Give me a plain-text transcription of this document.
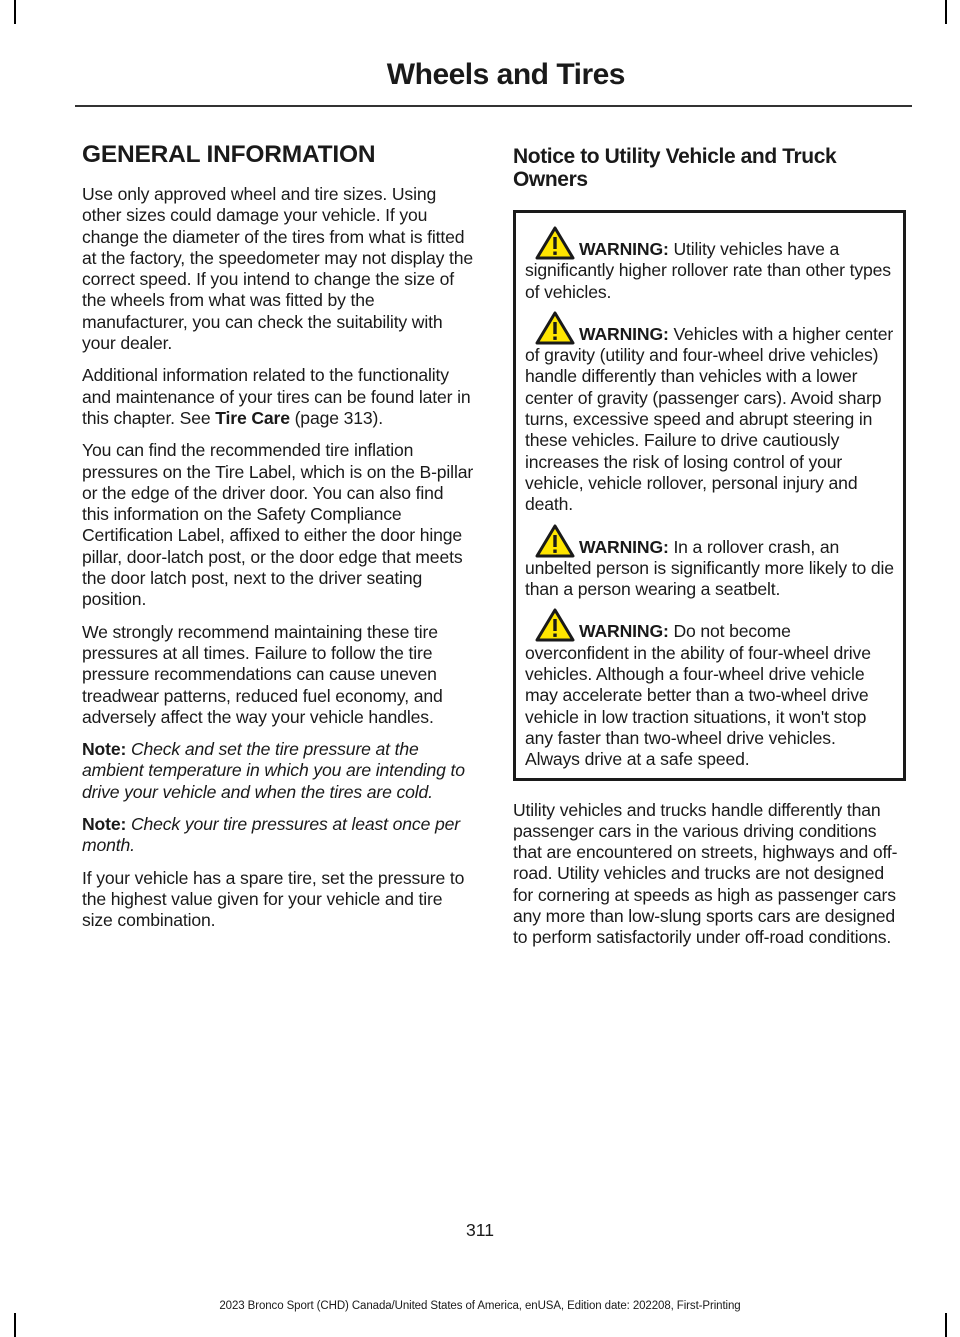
Wheels and Tires
GENERAL INFORMATION

Use only approved wheel and tire sizes. Using other sizes could damage your vehicle. If you change the diameter of the tires from what is fitted at the factory, the speedometer may not display the correct speed. If you intend to change the size of the wheels from what was fitted by the manufacturer, you can check the suitability with your dealer.

Additional information related to the functionality and maintenance of your tires can be found later in this chapter. See Tire Care (page 313).

You can find the recommended tire inflation pressures on the Tire Label, which is on the B-pillar or the edge of the driver door. You can also find this information on the Safety Compliance Certification Label, affixed to either the door hinge pillar, door-latch post, or the door edge that meets the door latch post, next to the driver seating position.

We strongly recommend maintaining these tire pressures at all times. Failure to follow the tire pressure recommendations can cause uneven treadwear patterns, reduced fuel economy, and adversely affect the way your vehicle handles.

Note: Check and set the tire pressure at the ambient temperature in which you are intending to drive your vehicle and when the tires are cold.

Note: Check your tire pressures at least once per month.

If your vehicle has a spare tire, set the pressure to the highest value given for your vehicle and tire size combination.

Notice to Utility Vehicle and Truck Owners

WARNING: Utility vehicles have a significantly higher rollover rate than other types of vehicles.

WARNING: Vehicles with a higher center of gravity (utility and four-wheel drive vehicles) handle differently than vehicles with a lower center of gravity (passenger cars). Avoid sharp turns, excessive speed and abrupt steering in these vehicles. Failure to drive cautiously increases the risk of losing control of your vehicle, vehicle rollover, personal injury and death.

WARNING: In a rollover crash, an unbelted person is significantly more likely to die than a person wearing a seatbelt.

WARNING: Do not become overconfident in the ability of four-wheel drive vehicles. Although a four-wheel drive vehicle may accelerate better than a two-wheel drive vehicle in low traction situations, it won't stop any faster than two-wheel drive vehicles. Always drive at a safe speed.

Utility vehicles and trucks handle differently than passenger cars in the various driving conditions that are encountered on streets, highways and off-road. Utility vehicles and trucks are not designed for cornering at speeds as high as passenger cars any more than low-slung sports cars are designed to perform satisfactorily under off-road conditions.

311
2023 Bronco Sport (CHD) Canada/United States of America, enUSA, Edition date: 202208, First-Printing
